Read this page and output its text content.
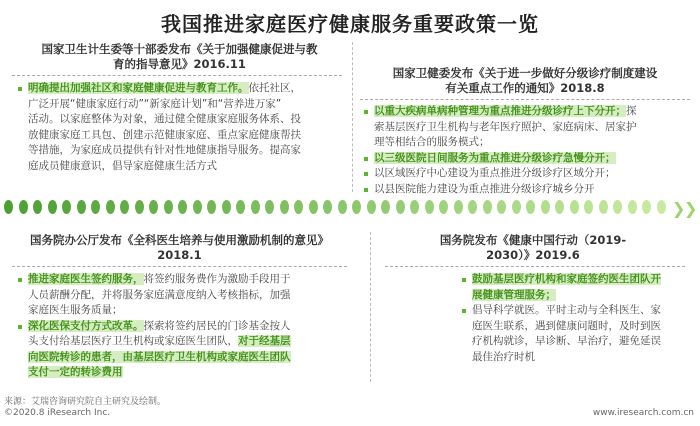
我国推进家庭医疗健康服务重要政策一览
国家卫生计生委等十部委发布《关于加强健康促进与教
育的指导意见》2016.11
明确提出加强社区和家庭健康促进与教育工作。依托社区，
广泛开展“健康家庭行动”“新家庭计划”和“营养进万家”
活动。以家庭整体为对象，通过健全健康家庭服务体系、投
放健康家庭工具包、创建示范健康家庭、重点家庭健康帮扶
等措施，为家庭成员提供有针对性地健康指导服务。提高家
庭成员健康意识，倡导家庭健康生活方式
国家卫健委发布《关于进一步做好分级诊疗制度建设
有关重点工作的通知》2018.8
以重大疾病单病种管理为重点推进分级诊疗上下分开；探
索基层医疗卫生机构与老年医疗照护、家庭病床、居家护
理等相结合的服务模式；
以三级医院日间服务为重点推进分级诊疗急慢分开；
以区域医疗中心建设为重点推进分级诊疗区域分开；
以县医院能力建设为重点推进分级诊疗城乡分开
❯
❯
国务院办公厅发布《全科医生培养与使用激励机制的意见》
2018.1
推进家庭医生签约服务，将签约服务费作为激励手段用于
人员薪酬分配，并将服务家庭满意度纳入考核指标，加强
家庭医生服务质量；
深化医保支付方式改革。探索将签约居民的门诊基金按人
头支付给基层医疗卫生机构或家庭医生团队，对于经基层
向医院转诊的患者，由基层医疗卫生机构或家庭医生团队
支付一定的转诊费用
国务院发布《健康中国行动（2019-
2030）》2019.6
鼓励基层医疗机构和家庭签约医生团队开
展健康管理服务；
倡导科学就医。平时主动与全科医生、家
庭医生联系，遇到健康问题时，及时到医
疗机构就诊，早诊断、早治疗，避免延误
最佳治疗时机
来源：艾瑞咨询研究院自主研究及绘制。
©2020.8 iResearch Inc.	www.iresearch.com.cn
